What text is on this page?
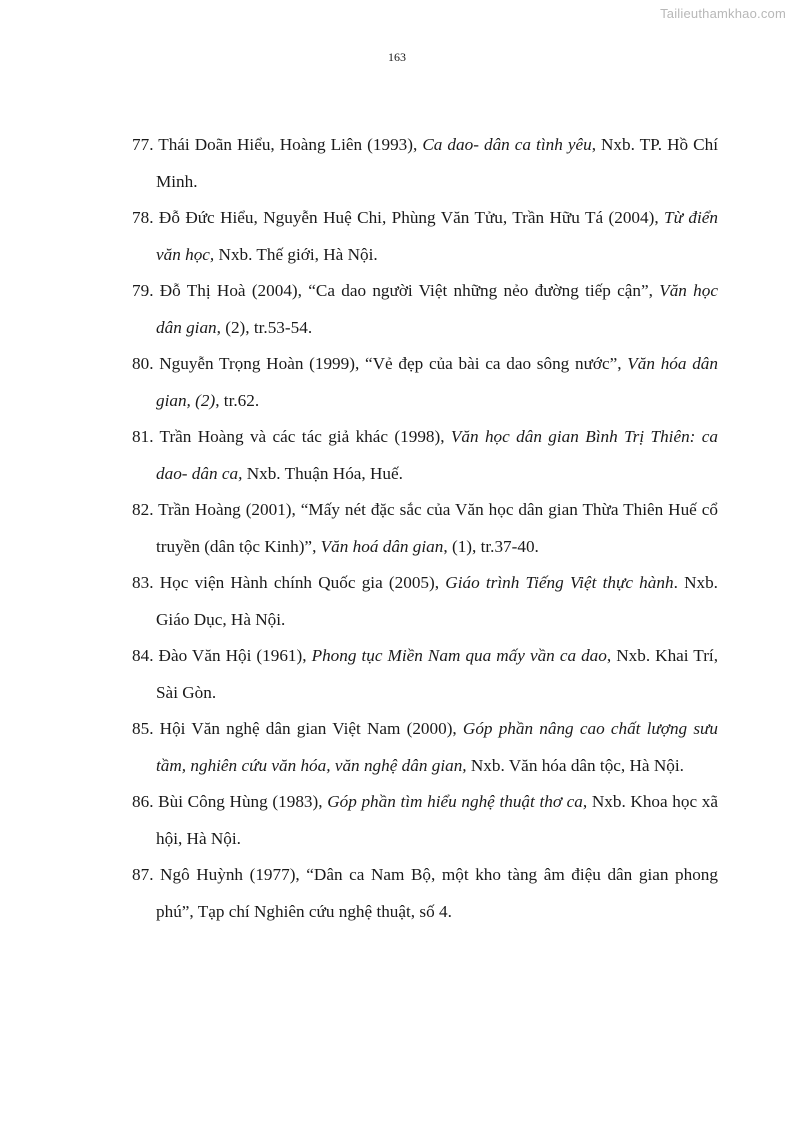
Tailieuthamkhao.com
163
77. Thái Doãn Hiểu, Hoàng Liên (1993), Ca dao- dân ca tình yêu, Nxb. TP. Hồ Chí Minh.
78. Đỗ Đức Hiểu, Nguyễn Huệ Chi, Phùng Văn Tửu, Trần Hữu Tá (2004), Từ điển văn học, Nxb. Thế giới, Hà Nội.
79. Đỗ Thị Hoà (2004), “Ca dao người Việt những nẻo đường tiếp cận”, Văn học dân gian, (2), tr.53-54.
80. Nguyễn Trọng Hoàn (1999), “Vẻ đẹp của bài ca dao sông nước”, Văn hóa dân gian, (2), tr.62.
81. Trần Hoàng và các tác giả khác (1998), Văn học dân gian Bình Trị Thiên: ca dao- dân ca, Nxb. Thuận Hóa, Huế.
82. Trần Hoàng (2001), “Mấy nét đặc sắc của Văn học dân gian Thừa Thiên Huế cổ truyền (dân tộc Kinh)”, Văn hoá dân gian, (1), tr.37-40.
83. Học viện Hành chính Quốc gia (2005), Giáo trình Tiếng Việt thực hành. Nxb. Giáo Dục, Hà Nội.
84. Đào Văn Hội (1961), Phong tục Miền Nam qua mấy vần ca dao, Nxb. Khai Trí, Sài Gòn.
85. Hội Văn nghệ dân gian Việt Nam (2000), Góp phần nâng cao chất lượng sưu tầm, nghiên cứu văn hóa, văn nghệ dân gian, Nxb. Văn hóa dân tộc, Hà Nội.
86. Bùi Công Hùng (1983), Góp phần tìm hiểu nghệ thuật thơ ca, Nxb. Khoa học xã hội, Hà Nội.
87. Ngô Huỳnh (1977), “Dân ca Nam Bộ, một kho tàng âm điệu dân gian phong phú”, Tạp chí Nghiên cứu nghệ thuật, số 4.
